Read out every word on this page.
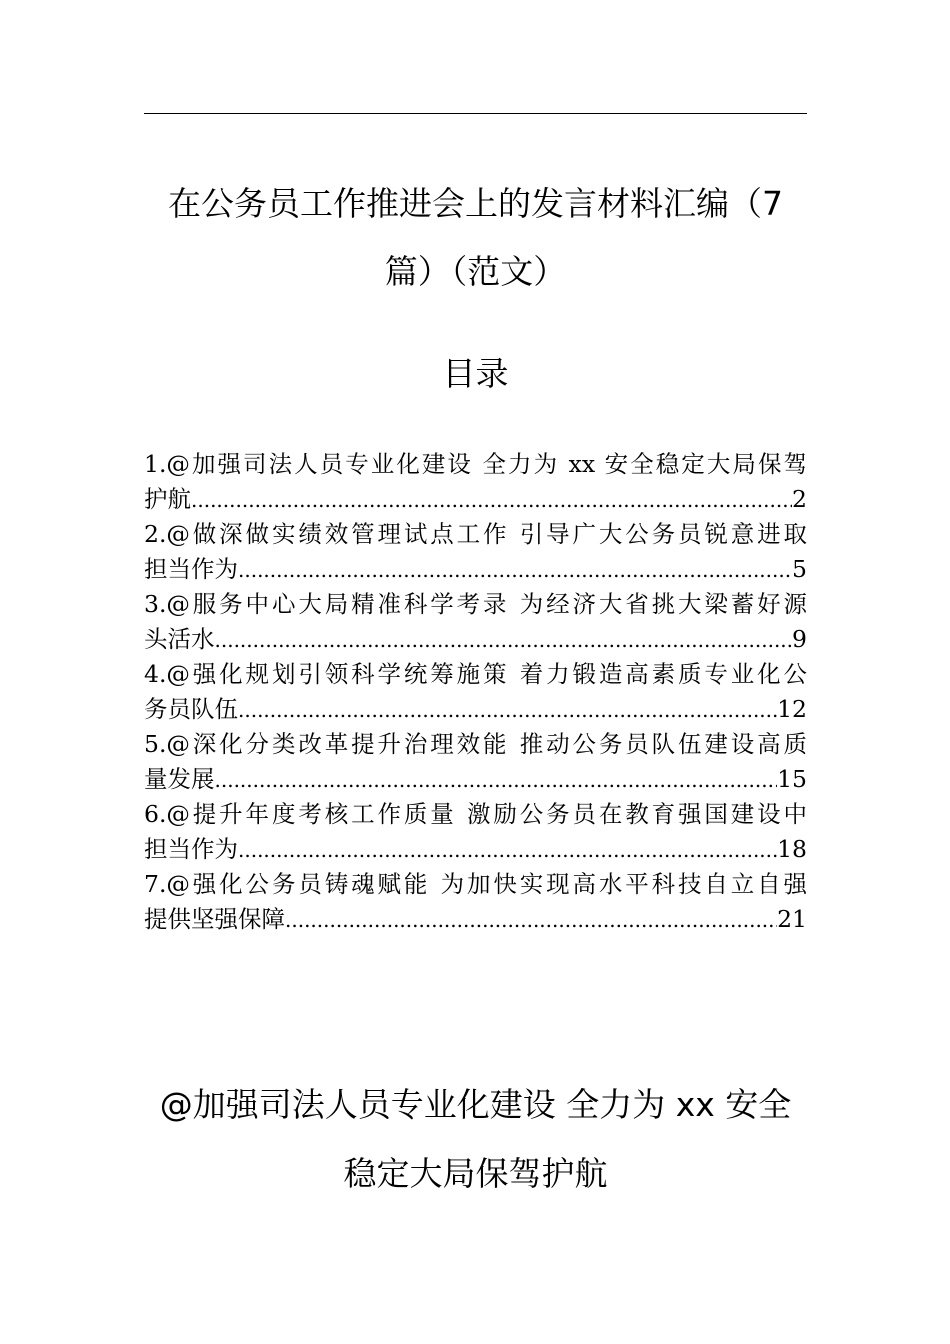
在公务员工作推进会上的发言材料汇编（7
篇）（范文）
目录
1.@加强司法人员专业化建设 全力为 xx 安全稳定大局保驾
护航 .....	2
2.@做深做实绩效管理试点工作 引导广大公务员锐意进取
担当作为 .....	5
3.@服务中心大局精准科学考录 为经济大省挑大梁蓄好源
头活水 .....	9
4.@强化规划引领科学统筹施策 着力锻造高素质专业化公
务员队伍 .....	12
5.@深化分类改革提升治理效能 推动公务员队伍建设高质
量发展 .....	15
6.@提升年度考核工作质量 激励公务员在教育强国建设中
担当作为 .....	18
7.@强化公务员铸魂赋能 为加快实现高水平科技自立自强
提供坚强保障 .....	21
@加强司法人员专业化建设 全力为 xx 安全
稳定大局保驾护航
